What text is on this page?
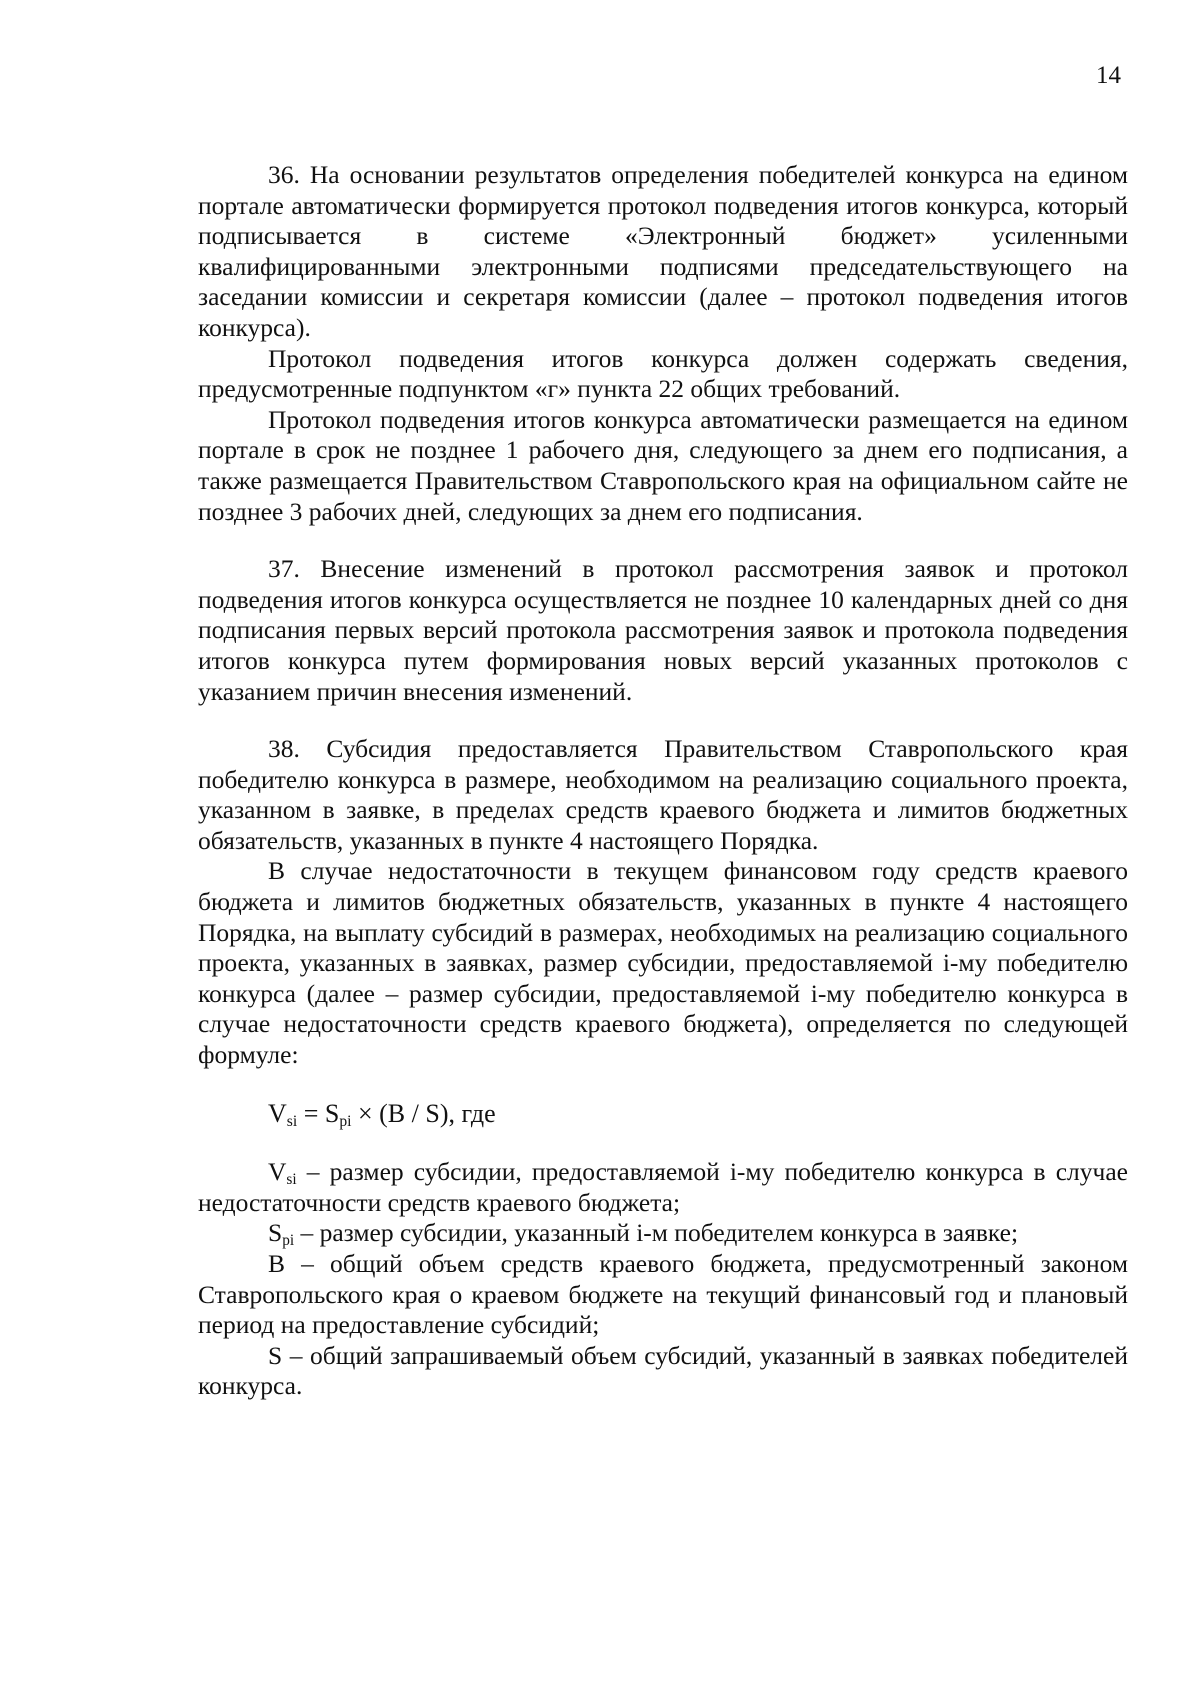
14

36. На основании результатов определения победителей конкурса на едином портале автоматически формируется протокол подведения итогов конкурса, который подписывается в системе «Электронный бюджет» усиленными квалифицированными электронными подписями председательствующего на заседании комиссии и секретаря комиссии (далее – протокол подведения итогов конкурса).

Протокол подведения итогов конкурса должен содержать сведения, предусмотренные подпунктом «г» пункта 22 общих требований.

Протокол подведения итогов конкурса автоматически размещается на едином портале в срок не позднее 1 рабочего дня, следующего за днем его подписания, а также размещается Правительством Ставропольского края на официальном сайте не позднее 3 рабочих дней, следующих за днем его подписания.

37. Внесение изменений в протокол рассмотрения заявок и протокол подведения итогов конкурса осуществляется не позднее 10 календарных дней со дня подписания первых версий протокола рассмотрения заявок и протокола подведения итогов конкурса путем формирования новых версий указанных протоколов с указанием причин внесения изменений.

38. Субсидия предоставляется Правительством Ставропольского края победителю конкурса в размере, необходимом на реализацию социального проекта, указанном в заявке, в пределах средств краевого бюджета и лимитов бюджетных обязательств, указанных в пункте 4 настоящего Порядка.

В случае недостаточности в текущем финансовом году средств краевого бюджета и лимитов бюджетных обязательств, указанных в пункте 4 настоящего Порядка, на выплату субсидий в размерах, необходимых на реализацию социального проекта, указанных в заявках, размер субсидии, предоставляемой i-му победителю конкурса (далее – размер субсидии, предоставляемой i-му победителю конкурса в случае недостаточности средств краевого бюджета), определяется по следующей формуле:

$V_{si} = S_{pi} \times (B / S)$, где

$V_{si}$ – размер субсидии, предоставляемой i-му победителю конкурса в случае недостаточности средств краевого бюджета;

$S_{pi}$ – размер субсидии, указанный i-м победителем конкурса в заявке;

B – общий объем средств краевого бюджета, предусмотренный законом Ставропольского края о краевом бюджете на текущий финансовый год и плановый период на предоставление субсидий;

S – общий запрашиваемый объем субсидий, указанный в заявках победителей конкурса.
